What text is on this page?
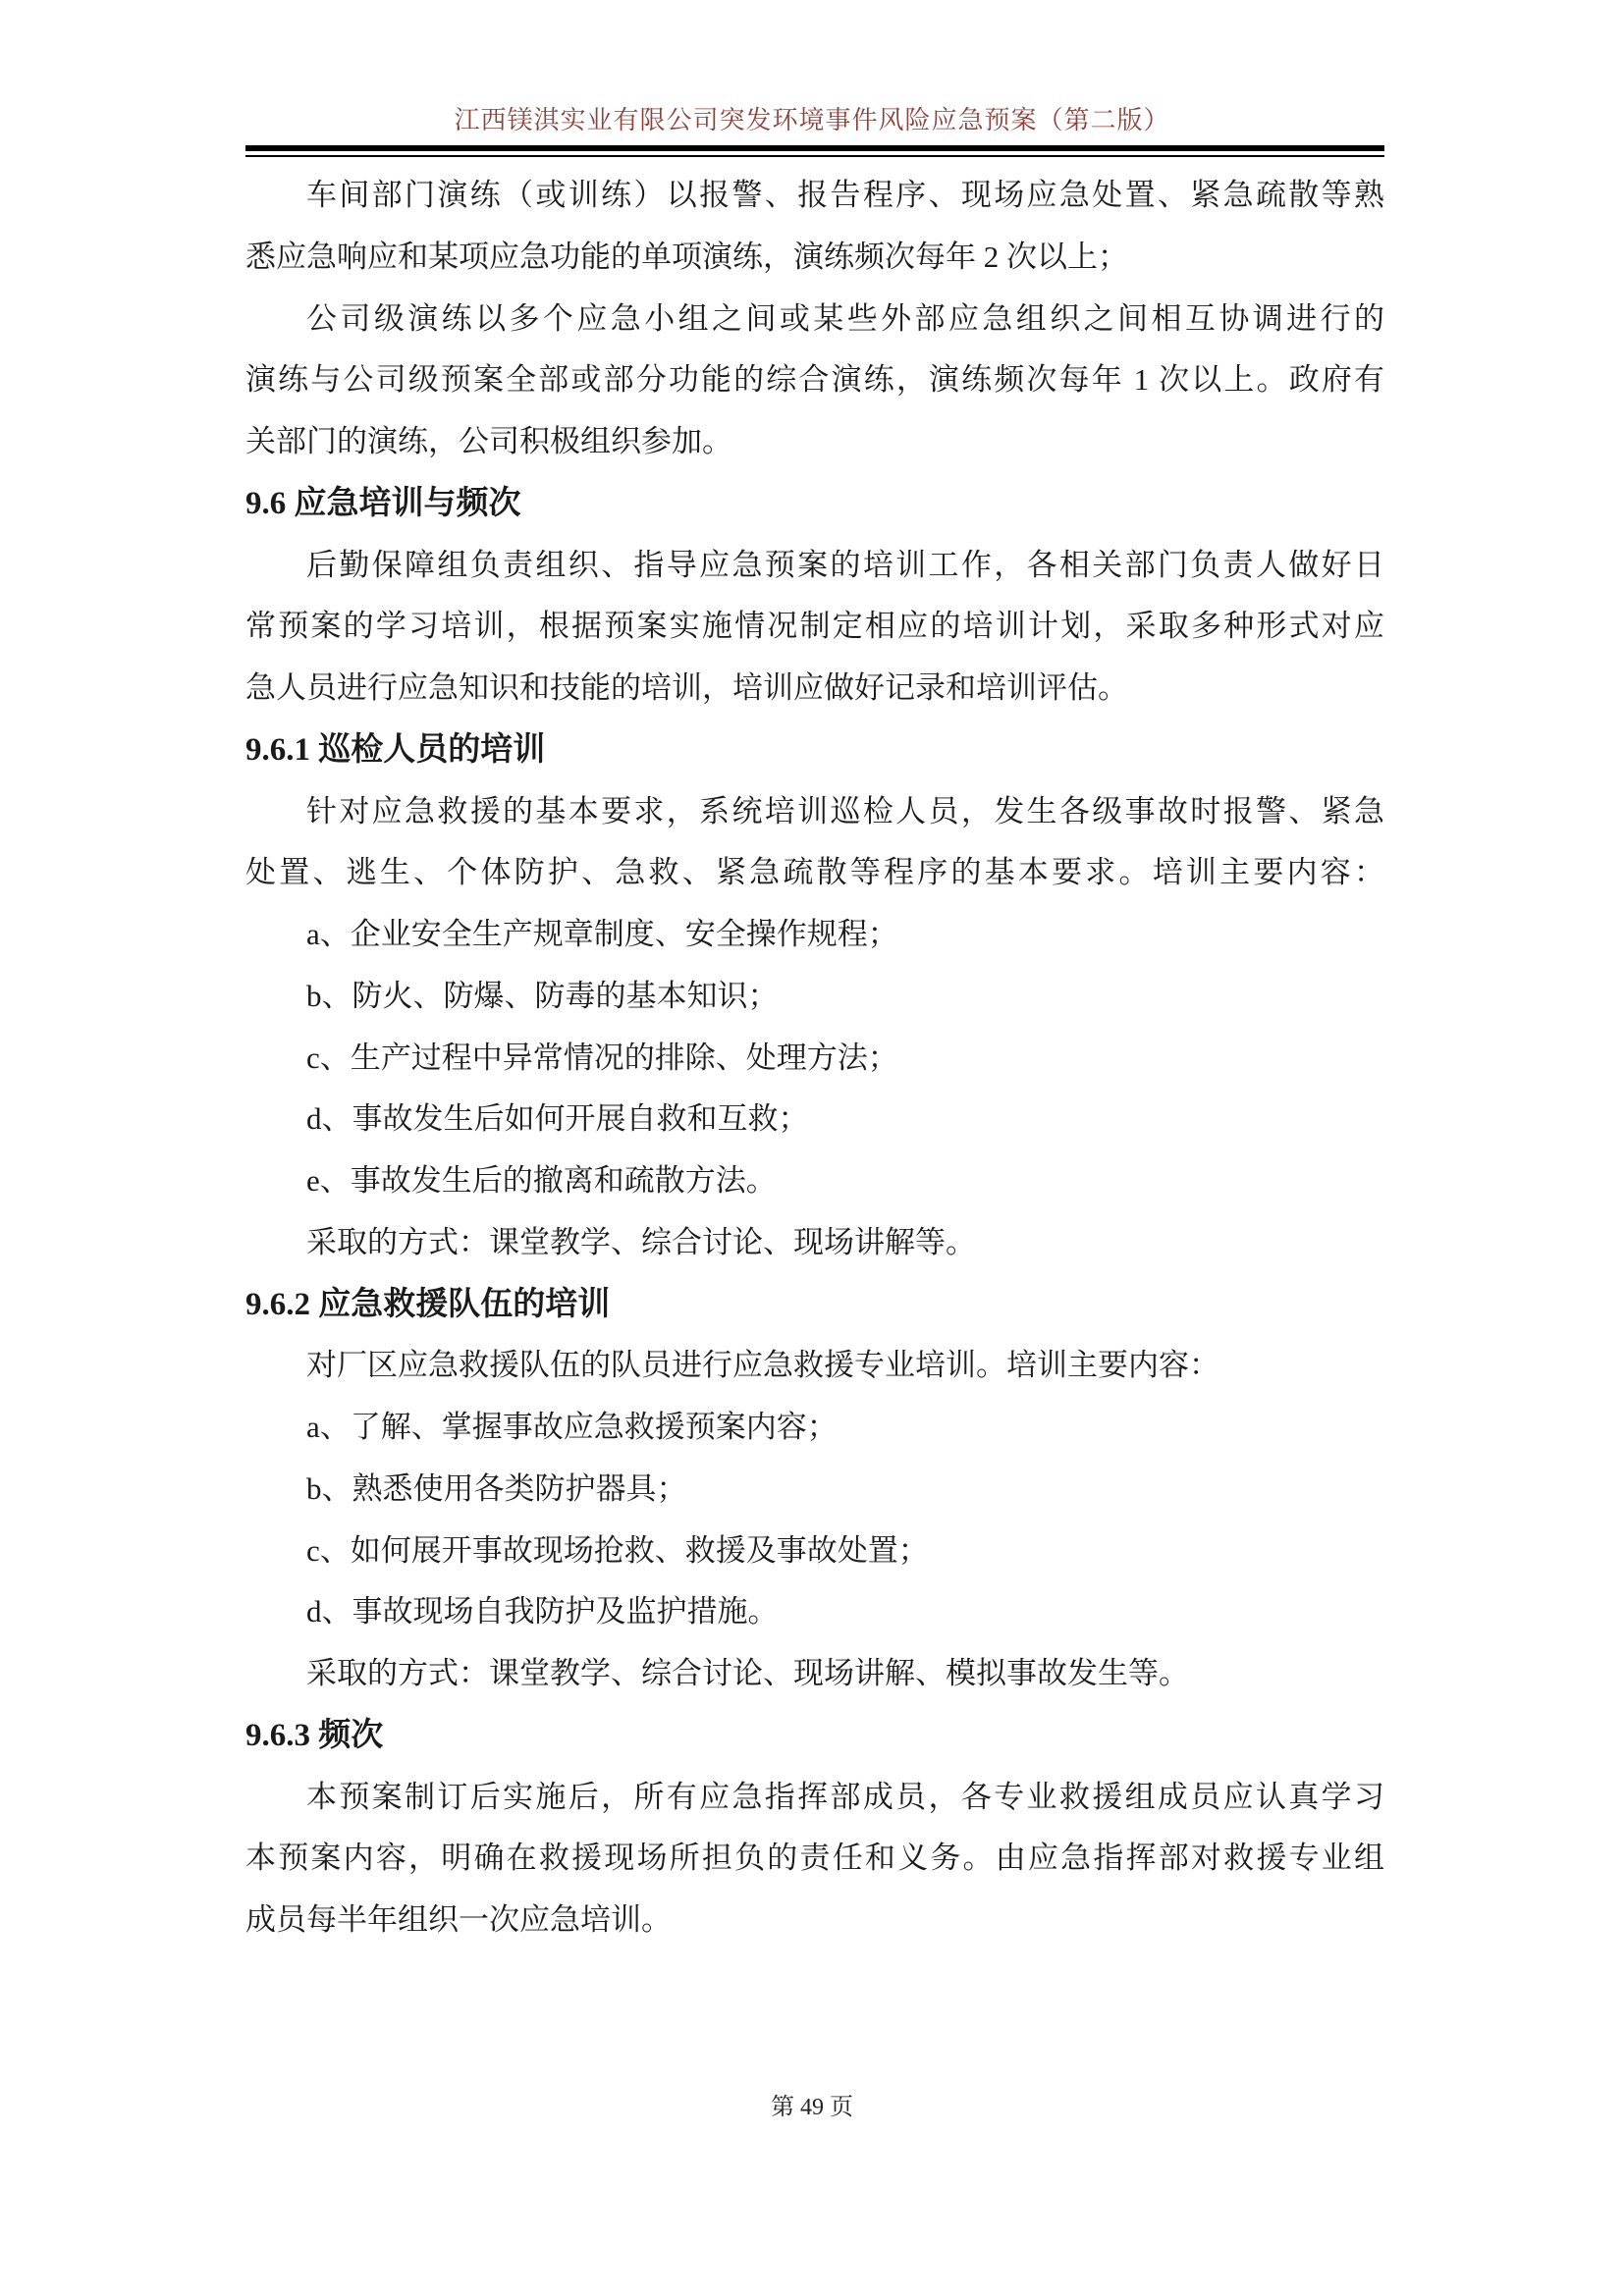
江西镁淇实业有限公司突发环境事件风险应急预案（第二版）
车间部门演练（或训练）以报警、报告程序、现场应急处置、紧急疏散等熟
悉应急响应和某项应急功能的单项演练，演练频次每年 2 次以上；
公司级演练以多个应急小组之间或某些外部应急组织之间相互协调进行的
演练与公司级预案全部或部分功能的综合演练，演练频次每年 1 次以上。政府有
关部门的演练，公司积极组织参加。
9.6 应急培训与频次
后勤保障组负责组织、指导应急预案的培训工作，各相关部门负责人做好日
常预案的学习培训，根据预案实施情况制定相应的培训计划，采取多种形式对应
急人员进行应急知识和技能的培训，培训应做好记录和培训评估。
9.6.1 巡检人员的培训
针对应急救援的基本要求，系统培训巡检人员，发生各级事故时报警、紧急
处置、逃生、个体防护、急救、紧急疏散等程序的基本要求。培训主要内容：
a、企业安全生产规章制度、安全操作规程；
b、防火、防爆、防毒的基本知识；
c、生产过程中异常情况的排除、处理方法；
d、事故发生后如何开展自救和互救；
e、事故发生后的撤离和疏散方法。
采取的方式：课堂教学、综合讨论、现场讲解等。
9.6.2 应急救援队伍的培训
对厂区应急救援队伍的队员进行应急救援专业培训。培训主要内容：
a、了解、掌握事故应急救援预案内容；
b、熟悉使用各类防护器具；
c、如何展开事故现场抢救、救援及事故处置；
d、事故现场自我防护及监护措施。
采取的方式：课堂教学、综合讨论、现场讲解、模拟事故发生等。
9.6.3 频次
本预案制订后实施后，所有应急指挥部成员，各专业救援组成员应认真学习
本预案内容，明确在救援现场所担负的责任和义务。由应急指挥部对救援专业组
成员每半年组织一次应急培训。
第 49 页
